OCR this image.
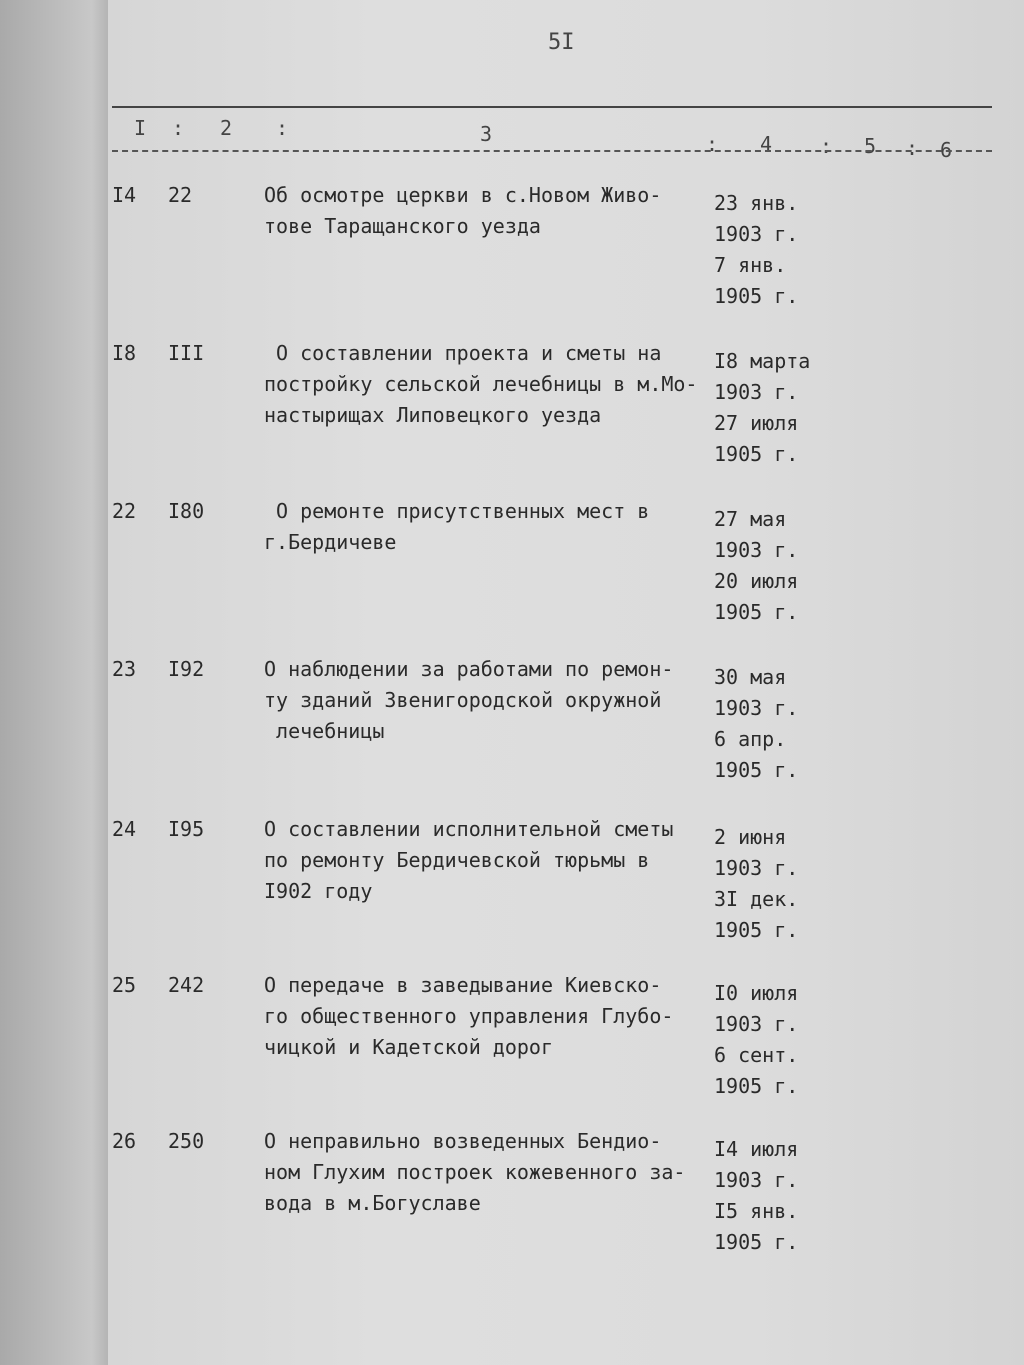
5I
I : 2 :	3	: 4 : 5 : 6
I4 22	Об осмотре церкви в с.Новом Живо-
тове Таращанского уезда
23 янв.
1903 г.
7 янв.
1905 г.
I8 III	О составлении проекта и сметы на
постройку сельской лечебницы в м.Мо-
настырищах Липовецкого уезда
I8 марта
1903 г.
27 июля
1905 г.
22 I80	О ремонте присутственных мест в
г.Бердичеве
27 мая
1903 г.
20 июля
1905 г.
23 I92	О наблюдении за работами по ремон-
ту зданий Звенигородской окружной
лечебницы
30 мая
1903 г.
6 апр.
1905 г.
24 I95	О составлении исполнительной сметы
по ремонту Бердичевской тюрьмы в
I902 году
2 июня
1903 г.
3I дек.
1905 г.
25 242	О передаче в заведывание Киевско-
го общественного управления Глубо-
чицкой и Кадетской дорог
I0 июля
1903 г.
6 сент.
1905 г.
26 250	О неправильно возведенных Бендио-
ном Глухим построек кожевенного за-
вода в м.Богуславе
I4 июля
1903 г.
I5 янв.
1905 г.
